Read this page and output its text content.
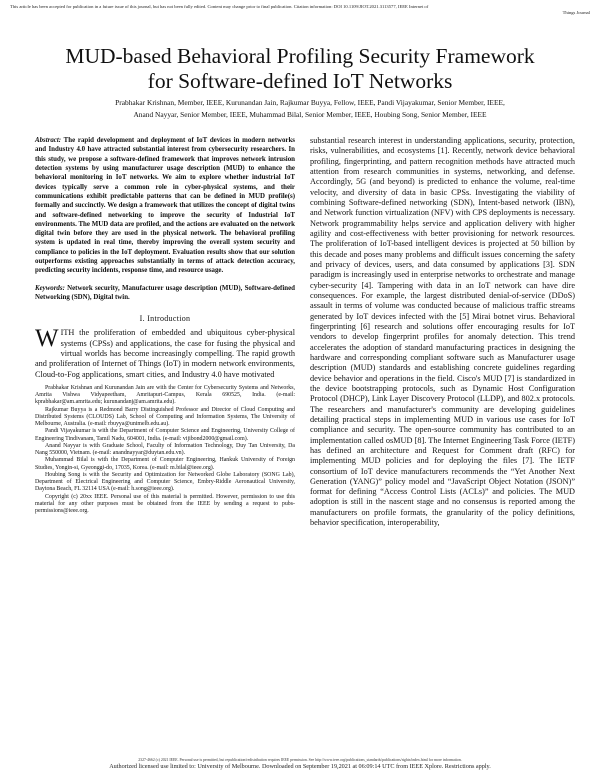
This article has been accepted for publication in a future issue of this journal, but has not been fully edited. Content may change prior to final publication. Citation information: DOI 10.1109/JIOT.2021.3113577, IEEE Internet of
Things Journal
MUD-based Behavioral Profiling Security Framework
for Software-defined IoT Networks
Prabhakar Krishnan, Member, IEEE, Kurunandan Jain, Rajkumar Buyya, Fellow, IEEE, Pandi Vijayakumar, Senior Member, IEEE,
Anand Nayyar, Senior Member, IEEE, Muhammad Bilal, Senior Member, IEEE, Houbing Song, Senior Member, IEEE

Abstract: The rapid development and deployment of IoT devices in modern networks and Industry 4.0 have attracted substantial interest from cybersecurity researchers. In this study, we propose a software-defined framework that improves network intrusion detection systems by using manufacturer usage description (MUD) to enhance the behavioral monitoring in IoT networks. We aim to explore whether industrial IoT devices typically serve a common role in cyber-physical systems, and their communications exhibit predictable patterns that can be defined in MUD profile(s) formally and succinctly. We design a framework that utilizes the concept of digital twins and software-defined networking to improve the security of Industrial IoT environments. The MUD data are profiled, and the actions are evaluated on the network digital twin before they are used in the physical network. The behavioral profiling system is updated in real time, thereby improving the overall system security and compliance to policies in the IoT deployment. Evaluation results show that our solution outperforms existing approaches substantially in terms of attack detection accuracy, predicting security incidents, response time, and resource usage.

Keywords: Network security, Manufacturer usage description (MUD), Software-defined Networking (SDN), Digital twin.

I. Introduction

WITH the proliferation of embedded and ubiquitous cyber-physical systems (CPSs) and applications, the case for fusing the physical and virtual worlds has become increasingly compelling. The rapid growth and proliferation of Internet of Things (IoT) in modern network environments, Cloud-to-Fog applications, smart cities, and Industry 4.0 have motivated

Prabhakar Krishnan and Kurunandan Jain are with the Center for Cybersecurity Systems and Networks, Amrita Vishwa Vidyapeetham, Amritapuri-Campus, Kerala 690525, India. (e-mail: kprabhakar@am.amrita.edu; kurunandanj@am.amrita.edu).

Rajkumar Buyya is a Redmond Barry Distinguished Professor and Director of Cloud Computing and Distributed Systems (CLOUDS) Lab, School of Computing and Information Systems, The University of Melbourne, Australia. (e-mail: rbuyya@unimelb.edu.au).

Pandi Vijayakumar is with the Department of Computer Science and Engineering, University College of Engineering Tindivanam, Tamil Nadu, 604001, India. (e-mail: vijibond2000@gmail.com).

Anand Nayyar is with Graduate School, Faculty of Information Technology, Duy Tan University, Da Nang 550000, Vietnam. (e-mail: anandnayyar@duytan.edu.vn).

Muhammad Bilal is with the Department of Computer Engineering, Hankuk University of Foreign Studies, Yongin-si, Gyeonggi-do, 17035, Korea. (e-mail: m.bilal@ieee.org).

Houbing Song is with the Security and Optimization for Networked Globe Laboratory (SONG Lab), Department of Electrical Engineering and Computer Science, Embry-Riddle Aeronautical University, Daytona Beach, FL 32114 USA (e-mail: h.song@ieee.org).

Copyright (c) 20xx IEEE. Personal use of this material is permitted. However, permission to use this material for any other purposes must be obtained from the IEEE by sending a request to pubs-permissions@ieee.org.

substantial research interest in understanding applications, security, protection, risks, vulnerabilities, and ecosystems [1]. Recently, network device behavioral profiling, fingerprinting, and pattern recognition methods have attracted much attention from research communities in systems, networking, and defense. Accordingly, 5G (and beyond) is predicted to enhance the volume, real-time velocity, and diversity of data in basic CPSs. Investigating the viability of combining Software-defined networking (SDN), Intent-based network (IBN), and Network function virtualization (NFV) with CPS deployments is necessary. Network programmability helps service and application delivery with higher agility and cost-effectiveness with better provisioning for network resources. The proliferation of IoT-based intelligent devices is projected at 50 billion by this decade and poses many problems and difficult issues concerning the safety and privacy of devices, users, and data consumed by applications [3]. SDN paradigm is increasingly used in enterprise networks to orchestrate and manage cyber-security [4]. Tampering with data in an IoT network can have dire consequences. For example, the largest distributed denial-of-service (DDoS) assault in terms of volume was conducted because of malicious traffic streams generated by IoT devices infected with the [5] Mirai botnet virus. Behavioral fingerprinting [6] research and solutions offer encouraging results for IoT vendors to develop fingerprint profiles for anomaly detection. This trend accelerates the adoption of standard manufacturing practices in designing the hardware and corresponding compliant software such as Manufacturer usage description (MUD) standards and establishing concrete guidelines regarding device behavior and operations in the field. Cisco's MUD [7] is standardized in the device bootstrapping protocols, such as Dynamic Host Configuration Protocol (DHCP), Link Layer Discovery Protocol (LLDP), and 802.x protocols. The researchers and manufacturer's community are developing guidelines detailing practical steps in implementing MUD in various use cases for IoT compliance and security. The open-source community has contributed to an implementation called osMUD [8]. The Internet Engineering Task Force (IETF) has defined an architecture and Request for Comment draft (RFC) for implementing MUD policies and for deploying the files [7]. The IETF consortium of IoT device manufacturers recommends the “Yet Another Next Generation (YANG)” policy model and “JavaScript Object Notation (JSON)” format for defining “Access Control Lists (ACLs)” and policies. The MUD adoption is still in the nascent stage and no consensus is reported among the manufacturers on profile formats, the granularity of the policy definitions, behavior specification, interoperability,

2327-4662 (c) 2021 IEEE. Personal use is permitted, but republication/redistribution requires IEEE permission. See http://www.ieee.org/publications_standards/publications/rights/index.html for more information.
Authorized licensed use limited to: University of Melbourne. Downloaded on September 19,2021 at 06:09:14 UTC from IEEE Xplore. Restrictions apply.
